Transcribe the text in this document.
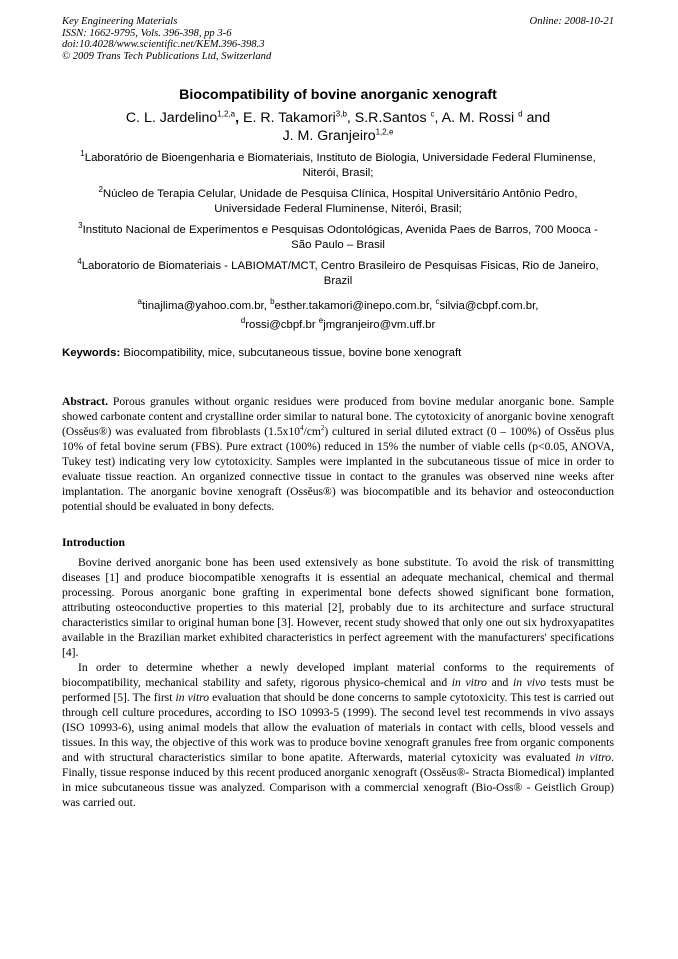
Key Engineering Materials	Online: 2008-10-21
ISSN: 1662-9795, Vols. 396-398, pp 3-6
doi:10.4028/www.scientific.net/KEM.396-398.3
© 2009 Trans Tech Publications Ltd, Switzerland
Biocompatibility of bovine anorganic xenograft
C. L. Jardelino$^{1,2,a}$, E. R. Takamori$^{3,b}$, S.R.Santos $^c$, A. M. Rossi $^d$ and
J. M. Granjeiro$^{1,2,e}$
$^1$Laboratório de Bioengenharia e Biomateriais, Instituto de Biologia, Universidade Federal Fluminense, Niterói, Brasil;
$^2$Núcleo de Terapia Celular, Unidade de Pesquisa Clínica, Hospital Universitário Antônio Pedro, Universidade Federal Fluminense, Niterói, Brasil;
$^3$Instituto Nacional de Experimentos e Pesquisas Odontológicas, Avenida Paes de Barros, 700 Mooca - São Paulo – Brasil
$^4$Laboratorio de Biomateriais - LABIOMAT/MCT, Centro Brasileiro de Pesquisas Fisicas, Rio de Janeiro, Brazil
$^a$tinajlima@yahoo.com.br, $^b$esther.takamori@inepo.com.br, $^c$silvia@cbpf.com.br,
$^d$rossi@cbpf.br $^e$jmgranjeiro@vm.uff.br
Keywords: Biocompatibility, mice, subcutaneous tissue, bovine bone xenograft

Abstract. Porous granules without organic residues were produced from bovine medular anorganic bone. Sample showed carbonate content and crystalline order similar to natural bone. The cytotoxicity of anorganic bovine xenograft (Ossĕus®) was evaluated from fibroblasts $(1.5x10^4/cm^2)$ cultured in serial diluted extract (0 – 100%) of Ossĕus plus 10% of fetal bovine serum (FBS). Pure extract (100%) reduced in 15% the number of viable cells (p<0.05, ANOVA, Tukey test) indicating very low cytotoxicity. Samples were implanted in the subcutaneous tissue of mice in order to evaluate tissue reaction. An organized connective tissue in contact to the granules was observed nine weeks after implantation. The anorganic bovine xenograft (Ossĕus®) was biocompatible and its behavior and osteoconduction potential should be evaluated in bony defects.

Introduction

Bovine derived anorganic bone has been used extensively as bone substitute. To avoid the risk of transmitting diseases [1] and produce biocompatible xenografts it is essential an adequate mechanical, chemical and thermal processing. Porous anorganic bone grafting in experimental bone defects showed significant bone formation, attributing osteoconductive properties to this material [2], probably due to its architecture and surface structural characteristics similar to original human bone [3]. However, recent study showed that only one out six hydroxyapatites available in the Brazilian market exhibited characteristics in perfect agreement with the manufacturers' specifications [4].

In order to determine whether a newly developed implant material conforms to the requirements of biocompatibility, mechanical stability and safety, rigorous physico-chemical and in vitro and in vivo tests must be performed [5]. The first in vitro evaluation that should be done concerns to sample cytotoxicity. This test is carried out through cell culture procedures, according to ISO 10993-5 (1999). The second level test recommends in vivo assays (ISO 10993-6), using animal models that allow the evaluation of materials in contact with cells, blood vessels and tissues. In this way, the objective of this work was to produce bovine xenograft granules free from organic components and with structural characteristics similar to bone apatite. Afterwards, material cytoxicity was evaluated in vitro. Finally, tissue response induced by this recent produced anorganic xenograft (Ossĕus®- Stracta Biomedical) implanted in mice subcutaneous tissue was analyzed. Comparison with a commercial xenograft (Bio-Oss® - Geistlich Group) was carried out.
